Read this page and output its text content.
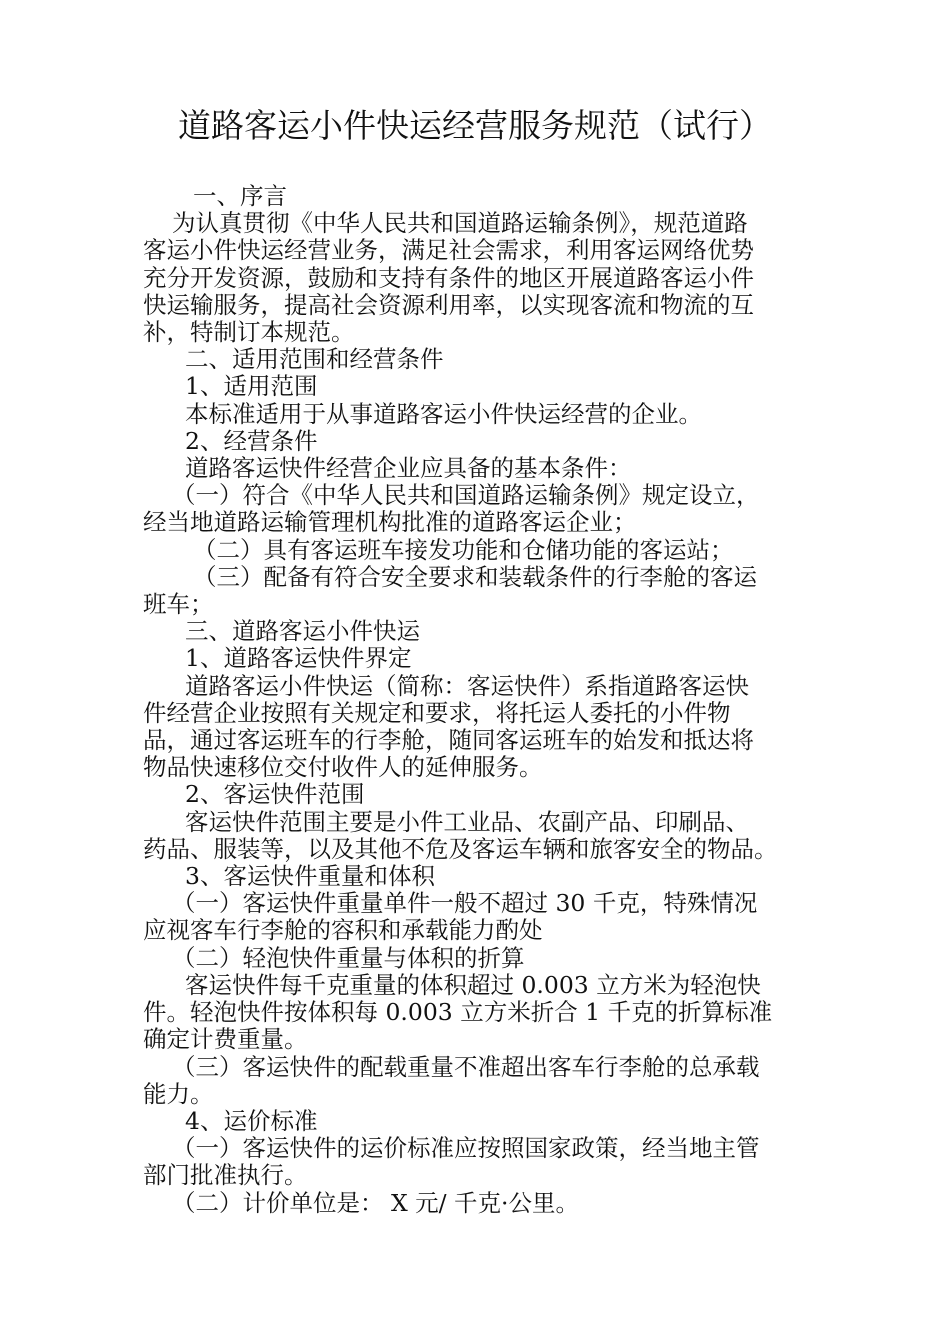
道路客运小件快运经营服务规范（试行）

一、序言

为认真贯彻《中华人民共和国道路运输条例》，规范道路

客运小件快运经营业务，满足社会需求，利用客运网络优势

充分开发资源，鼓励和支持有条件的地区开展道路客运小件

快运输服务，提高社会资源利用率，以实现客流和物流的互

补，特制订本规范。

二、适用范围和经营条件

1、适用范围

本标准适用于从事道路客运小件快运经营的企业。

2、经营条件

道路客运快件经营企业应具备的基本条件：

（一）符合《中华人民共和国道路运输条例》规定设立，

经当地道路运输管理机构批准的道路客运企业；

（二）具有客运班车接发功能和仓储功能的客运站；

（三）配备有符合安全要求和装载条件的行李舱的客运

班车；

三、道路客运小件快运

1、道路客运快件界定

道路客运小件快运（简称：客运快件）系指道路客运快

件经营企业按照有关规定和要求，将托运人委托的小件物

品，通过客运班车的行李舱，随同客运班车的始发和抵达将

物品快速移位交付收件人的延伸服务。

2、客运快件范围

客运快件范围主要是小件工业品、农副产品、印刷品、

药品、服装等，以及其他不危及客运车辆和旅客安全的物品。

3、客运快件重量和体积

（一）客运快件重量单件一般不超过 30 千克，特殊情况

应视客车行李舱的容积和承载能力酌处

（二）轻泡快件重量与体积的折算

客运快件每千克重量的体积超过 0.003 立方米为轻泡快

件。轻泡快件按体积每 0.003 立方米折合 1 千克的折算标准

确定计费重量。

（三）客运快件的配载重量不准超出客车行李舱的总承载

能力。

4、运价标准

（一）客运快件的运价标准应按照国家政策，经当地主管

部门批准执行。

（二）计价单位是： X 元/ 千克·公里。
